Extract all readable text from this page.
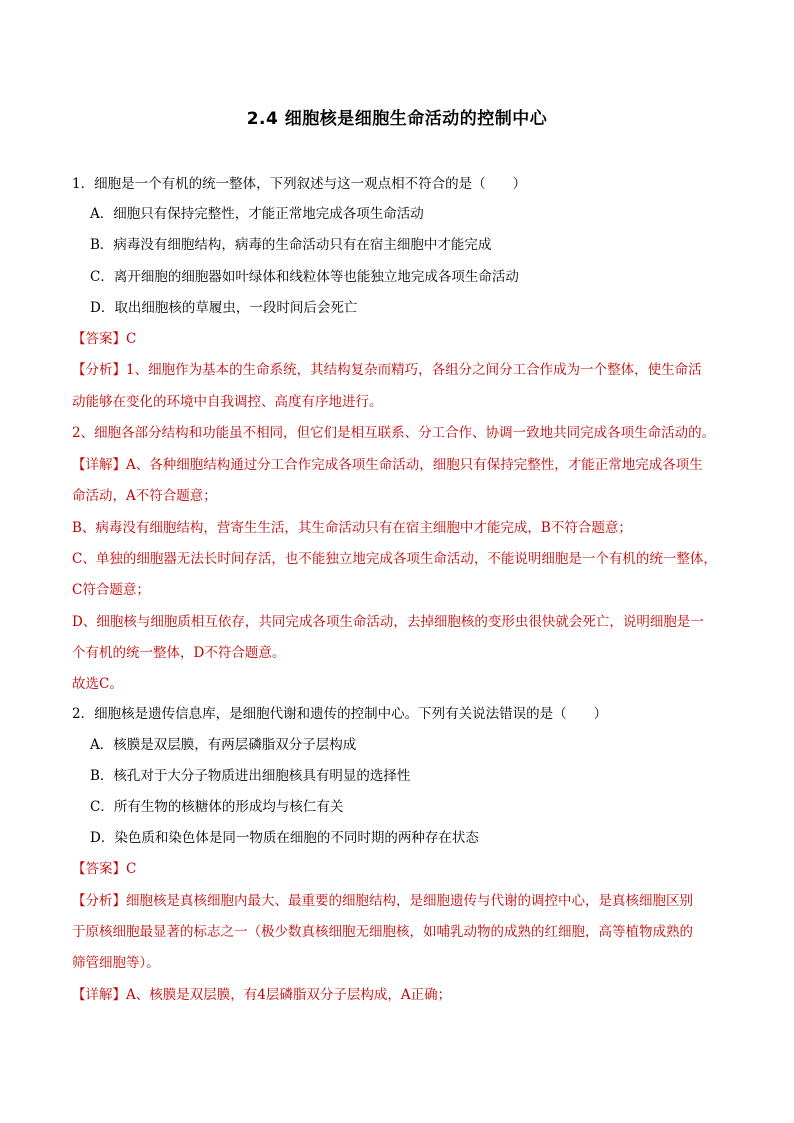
2.4 细胞核是细胞生命活动的控制中心
1．细胞是一个有机的统一整体，下列叙述与这一观点相不符合的是（　　）
A．细胞只有保持完整性，才能正常地完成各项生命活动
B．病毒没有细胞结构，病毒的生命活动只有在宿主细胞中才能完成
C．离开细胞的细胞器如叶绿体和线粒体等也能独立地完成各项生命活动
D．取出细胞核的草履虫，一段时间后会死亡
【答案】C
【分析】1、细胞作为基本的生命系统，其结构复杂而精巧，各组分之间分工合作成为一个整体，使生命活
动能够在变化的环境中自我调控、高度有序地进行。
2、细胞各部分结构和功能虽不相同，但它们是相互联系、分工合作、协调一致地共同完成各项生命活动的。
【详解】A、各种细胞结构通过分工合作完成各项生命活动，细胞只有保持完整性，才能正常地完成各项生
命活动，A不符合题意；
B、病毒没有细胞结构，营寄生生活，其生命活动只有在宿主细胞中才能完成，B不符合题意；
C、单独的细胞器无法长时间存活，也不能独立地完成各项生命活动，不能说明细胞是一个有机的统一整体，
C符合题意；
D、细胞核与细胞质相互依存，共同完成各项生命活动，去掉细胞核的变形虫很快就会死亡，说明细胞是一
个有机的统一整体，D不符合题意。
故选C。
2．细胞核是遗传信息库，是细胞代谢和遗传的控制中心。下列有关说法错误的是（　　）
A．核膜是双层膜，有两层磷脂双分子层构成
B．核孔对于大分子物质进出细胞核具有明显的选择性
C．所有生物的核糖体的形成均与核仁有关
D．染色质和染色体是同一物质在细胞的不同时期的两种存在状态
【答案】C
【分析】细胞核是真核细胞内最大、最重要的细胞结构，是细胞遗传与代谢的调控中心，是真核细胞区别
于原核细胞最显著的标志之一（极少数真核细胞无细胞核，如哺乳动物的成熟的红细胞，高等植物成熟的
筛管细胞等）。
【详解】A、核膜是双层膜，有4层磷脂双分子层构成，A正确；
